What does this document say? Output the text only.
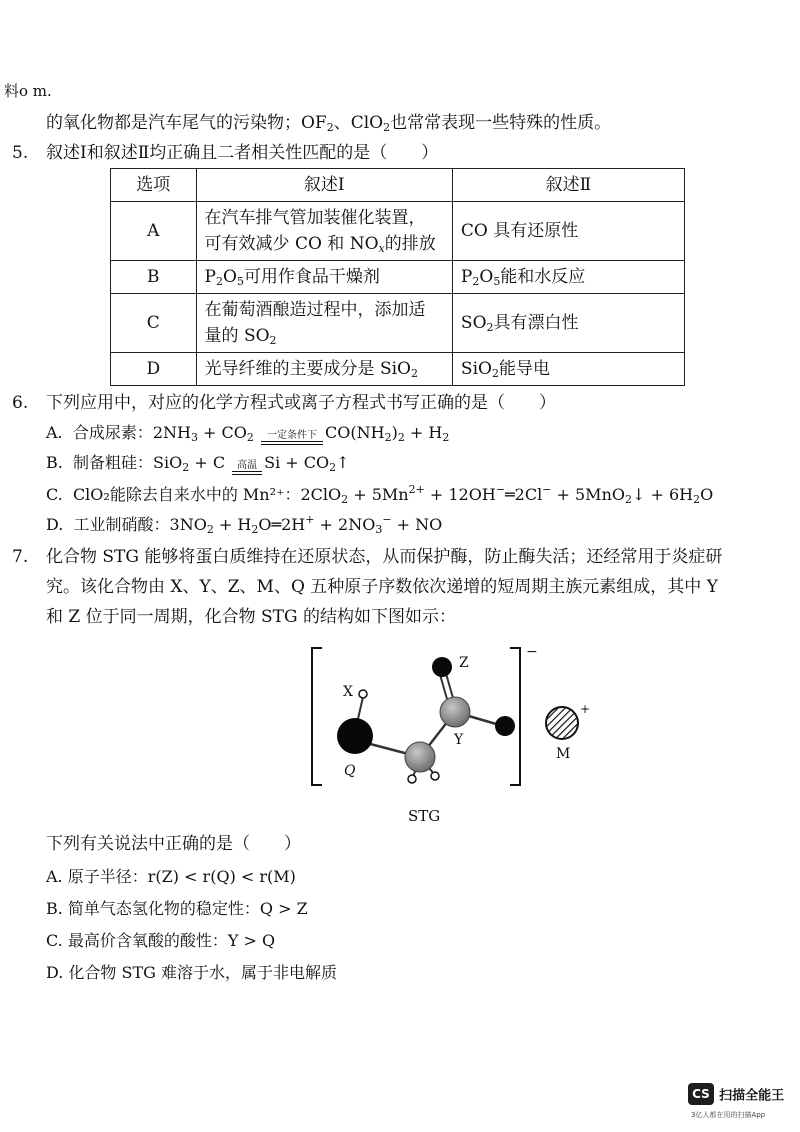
料o m.
的氧化物都是汽车尾气的污染物；$OF_2$、ClO$_2$也常常表现一些特殊的性质。
5. 叙述Ⅰ和叙述Ⅱ均正确且二者相关性匹配的是（　　）
选项	叙述Ⅰ	叙述Ⅱ
A	在汽车排气管加装催化装置，
可有效减少 CO 和 $NO_x$的排放	CO 具有还原性
B	$P_2O_5$可用作食品干燥剂	$P_2O_5$能和水反应
C	在葡萄酒酿造过程中，添加适
量的 $SO_2$	$SO_2$具有漂白性
D	光导纤维的主要成分是 SiO$_2$	SiO$_2$能导电
6. 下列应用中，对应的化学方程式或离子方程式书写正确的是（　　）
A. 合成尿素：$2NH_3 + CO_2$	一定条件下 $CO(NH_2)_2 + H_2$
B. 制备粗硅：SiO$_2$ + C 高温 $Si + CO_2↑$
C. ClO₂能除去自来水中的 Mn²⁺：$2ClO_2 + 5Mn^{2+}$ + 12OH−═2Cl− + 5MnO$_2$↓ + $6H_2O$
D. 工业制硝酸：$3NO_2$ + $H_2O═2H^+ + 2NO_3^-$ + NO
7. 化合物 STG 能够将蛋白质维持在还原状态，从而保护酶，防止酶失活；还经常用于炎症研
究。该化合物由 X、Y、Z、M、Q 五种原子序数依次递增的短周期主族元素组成，其中 Y
和 Z 位于同一周期，化合物 STG 的结构如下图如示：
X
Z
Y
Q
M
−
+
STG
下列有关说法中正确的是（　　）
A. 原子半径：r(Z) < r(Q) < r(M)
B. 简单气态氢化物的稳定性：Q > Z
C. 最高价含氧酸的酸性：Y > Q
D. 化合物 STG 难溶于水，属于非电解质
CS 扫描全能王
3亿人都在用的扫描App
